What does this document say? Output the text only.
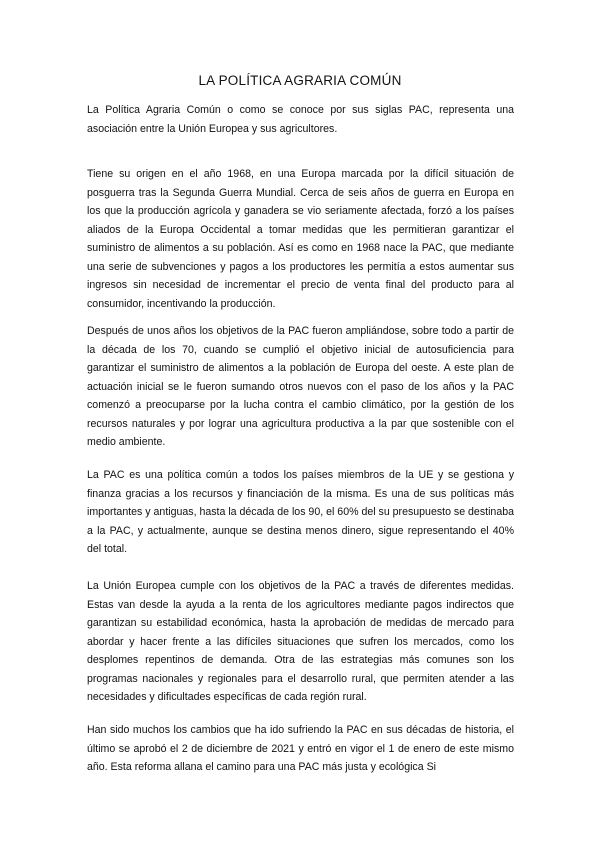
LA POLÍTICA AGRARIA COMÚN

La Política Agraria Común o como se conoce por sus siglas PAC, representa una asociación entre la Unión Europea y sus agricultores.

Tiene su origen en el año 1968, en una Europa marcada por la difícil situación de posguerra tras la Segunda Guerra Mundial. Cerca de seis años de guerra en Europa en los que la producción agrícola y ganadera se vio seriamente afectada, forzó a los países aliados de la Europa Occidental a tomar medidas que les permitieran garantizar el suministro de alimentos a su población. Así es como en 1968 nace la PAC, que mediante una serie de subvenciones y pagos a los productores les permitía a estos aumentar sus ingresos sin necesidad de incrementar el precio de venta final del producto para al consumidor, incentivando la producción.

Después de unos años los objetivos de la PAC fueron ampliándose, sobre todo a partir de la década de los 70, cuando se cumplió el objetivo inicial de autosuficiencia para garantizar el suministro de alimentos a la población de Europa del oeste. A este plan de actuación inicial se le fueron sumando otros nuevos con el paso de los años y la PAC comenzó a preocuparse por la lucha contra el cambio climático, por la gestión de los recursos naturales y por lograr una agricultura productiva a la par que sostenible con el medio ambiente.

La PAC es una política común a todos los países miembros de la UE y se gestiona y finanza gracias a los recursos y financiación de la misma. Es una de sus políticas más importantes y antiguas, hasta la década de los 90, el 60% del su presupuesto se destinaba a la PAC, y actualmente, aunque se destina menos dinero, sigue representando el 40% del total.

La Unión Europea cumple con los objetivos de la PAC a través de diferentes medidas. Estas van desde la ayuda a la renta de los agricultores mediante pagos indirectos que garantizan su estabilidad económica, hasta la aprobación de medidas de mercado para abordar y hacer frente a las difíciles situaciones que sufren los mercados, como los desplomes repentinos de demanda. Otra de las estrategias más comunes son los programas nacionales y regionales para el desarrollo rural, que permiten atender a las necesidades y dificultades específicas de cada región rural.

Han sido muchos los cambios que ha ido sufriendo la PAC en sus décadas de historia, el último se aprobó el 2 de diciembre de 2021 y entró en vigor el 1 de enero de este mismo año. Esta reforma allana el camino para una PAC más justa y ecológica Si
